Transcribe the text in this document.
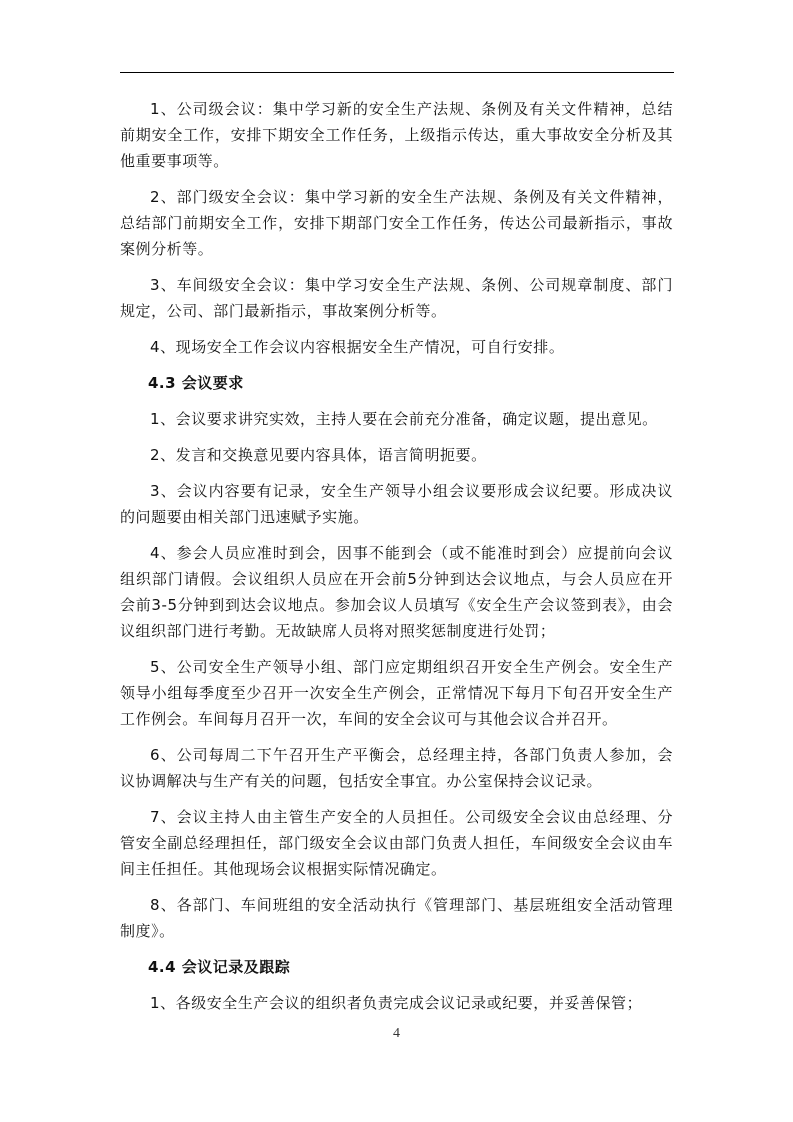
1、公司级会议：集中学习新的安全生产法规、条例及有关文件精神，总结前期安全工作，安排下期安全工作任务，上级指示传达，重大事故安全分析及其他重要事项等。

2、部门级安全会议：集中学习新的安全生产法规、条例及有关文件精神，总结部门前期安全工作，安排下期部门安全工作任务，传达公司最新指示，事故案例分析等。

3、车间级安全会议：集中学习安全生产法规、条例、公司规章制度、部门规定，公司、部门最新指示，事故案例分析等。

4、现场安全工作会议内容根据安全生产情况，可自行安排。

4.3 会议要求

1、会议要求讲究实效，主持人要在会前充分准备，确定议题，提出意见。

2、发言和交换意见要内容具体，语言简明扼要。

3、会议内容要有记录，安全生产领导小组会议要形成会议纪要。形成决议的问题要由相关部门迅速赋予实施。

4、参会人员应准时到会，因事不能到会（或不能准时到会）应提前向会议组织部门请假。会议组织人员应在开会前5分钟到达会议地点，与会人员应在开会前3-5分钟到到达会议地点。参加会议人员填写《安全生产会议签到表》，由会议组织部门进行考勤。无故缺席人员将对照奖惩制度进行处罚；

5、公司安全生产领导小组、部门应定期组织召开安全生产例会。安全生产领导小组每季度至少召开一次安全生产例会，正常情况下每月下旬召开安全生产工作例会。车间每月召开一次，车间的安全会议可与其他会议合并召开。

6、公司每周二下午召开生产平衡会，总经理主持，各部门负责人参加，会议协调解决与生产有关的问题，包括安全事宜。办公室保持会议记录。

7、会议主持人由主管生产安全的人员担任。公司级安全会议由总经理、分管安全副总经理担任，部门级安全会议由部门负责人担任，车间级安全会议由车间主任担任。其他现场会议根据实际情况确定。

8、各部门、车间班组的安全活动执行《管理部门、基层班组安全活动管理制度》。

4.4 会议记录及跟踪

1、各级安全生产会议的组织者负责完成会议记录或纪要，并妥善保管；

4
